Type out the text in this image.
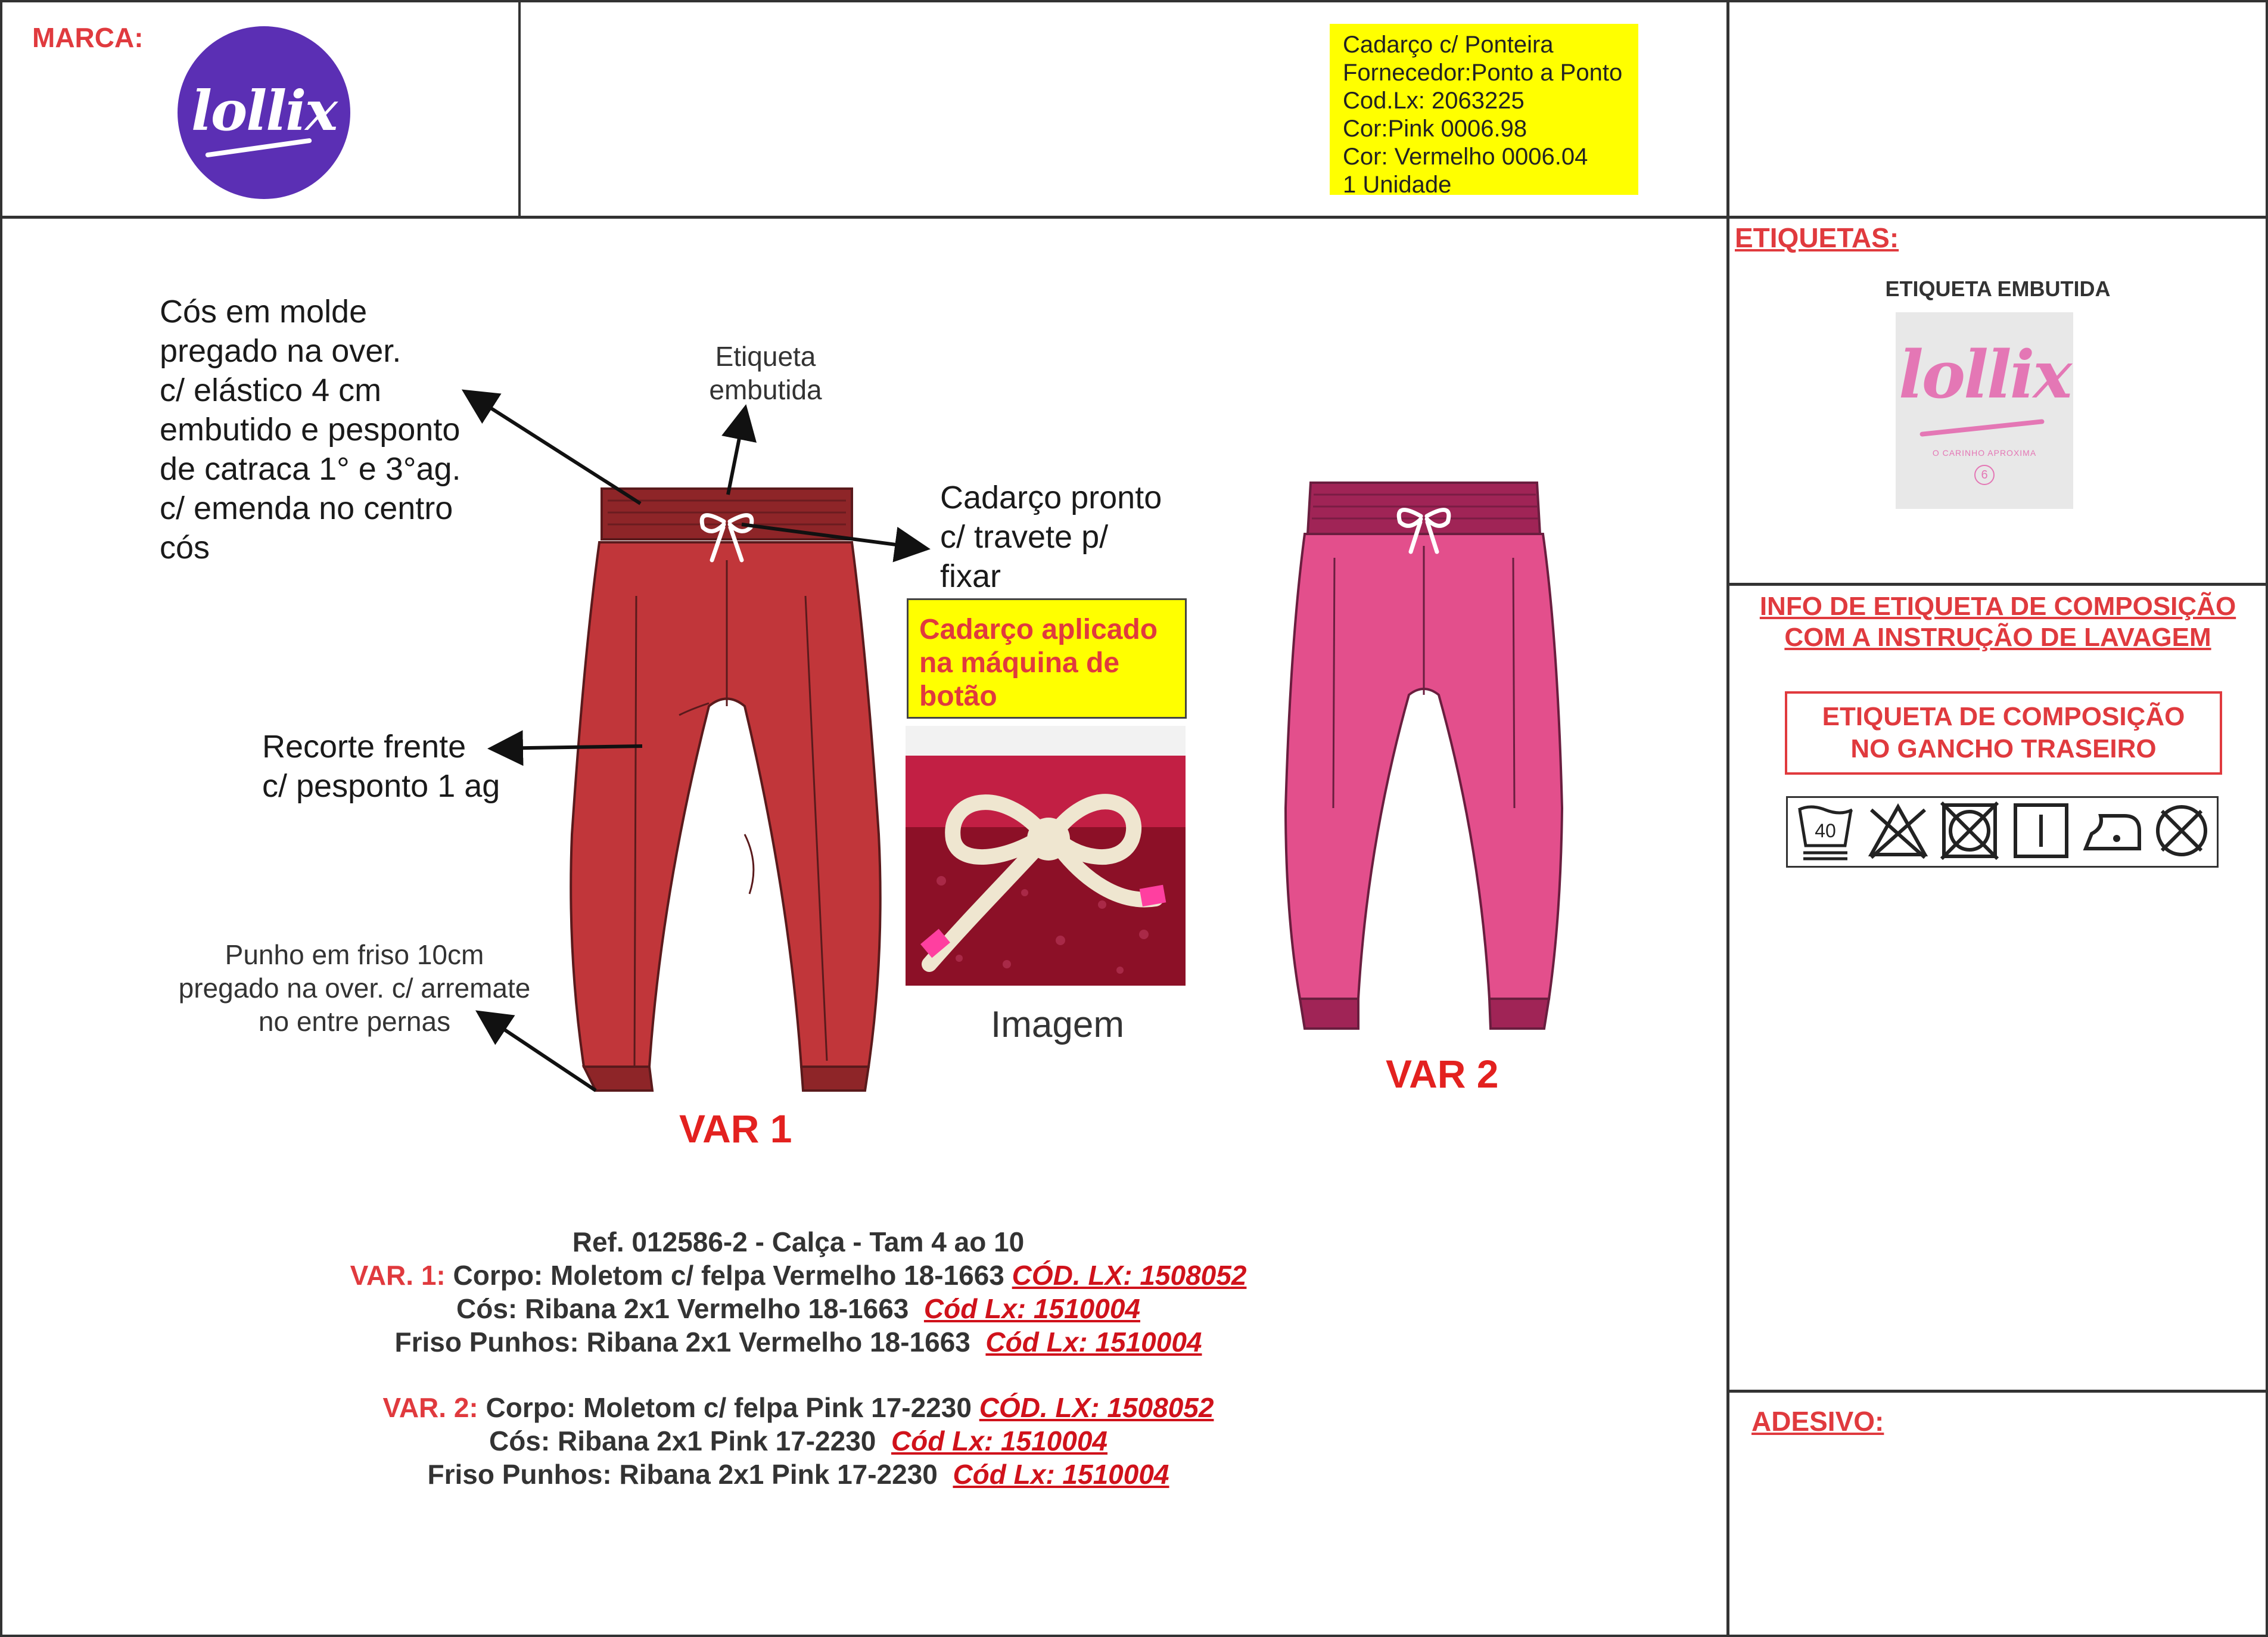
MARCA:
lollix
Cadarço c/ Ponteira
Fornecedor:Ponto a Ponto
Cod.Lx: 2063225
Cor:Pink 0006.98
Cor: Vermelho 0006.04
1 Unidade
Cós em molde
pregado na over.
c/ elástico 4 cm
embutido e pesponto
de catraca 1° e 3°ag.
c/ emenda no centro
cós
Etiqueta
embutida
Cadarço pronto
c/ travete p/
fixar
Recorte frente
c/ pesponto 1 ag
Punho em friso 10cm
pregado na over. c/ arremate
no entre pernas
Cadarço aplicado
na máquina de
botão
Imagem
VAR 1
VAR 2
Ref. 012586-2 - Calça - Tam 4 ao 10
VAR. 1: Corpo: Moletom c/ felpa Vermelho 18-1663 CÓD. LX: 1508052
Cós: Ribana 2x1 Vermelho 18-1663 Cód Lx: 1510004
Friso Punhos: Ribana 2x1 Vermelho 18-1663 Cód Lx: 1510004
VAR. 2: Corpo: Moletom c/ felpa Pink 17-2230 CÓD. LX: 1508052
Cós: Ribana 2x1 Pink 17-2230 Cód Lx: 1510004
Friso Punhos: Ribana 2x1 Pink 17-2230 Cód Lx: 1510004
ETIQUETAS:
ETIQUETA EMBUTIDA
lollix
O CARINHO APROXIMA
6
INFO DE ETIQUETA DE COMPOSIÇÃO
COM A INSTRUÇÃO DE LAVAGEM
ETIQUETA DE COMPOSIÇÃO
NO GANCHO TRASEIRO
40
ADESIVO:
